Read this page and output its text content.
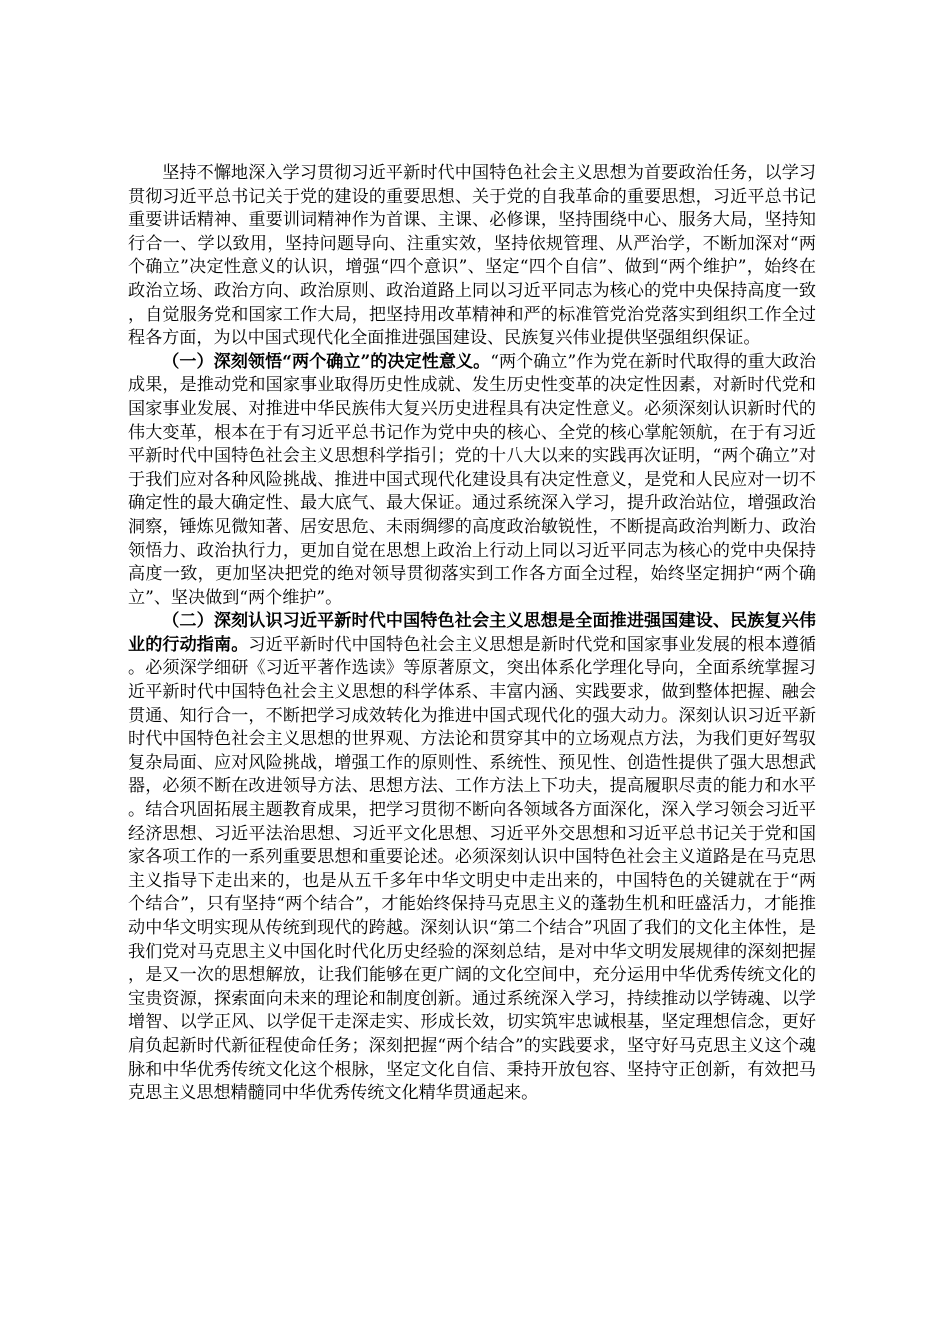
坚持不懈地深入学习贯彻习近平新时代中国特色社会主义思想为首要政治任务，以学习贯彻习近平总书记关于党的建设的重要思想、关于党的自我革命的重要思想，习近平总书记重要讲话精神、重要训词精神作为首课、主课、必修课，坚持围绕中心、服务大局，坚持知行合一、学以致用，坚持问题导向、注重实效，坚持依规管理、从严治学，不断加深对“两个确立”决定性意义的认识，增强“四个意识”、坚定“四个自信”、做到“两个维护”，始终在政治立场、政治方向、政治原则、政治道路上同以习近平同志为核心的党中央保持高度一致，自觉服务党和国家工作大局，把坚持用改革精神和严的标准管党治党落实到组织工作全过程各方面，为以中国式现代化全面推进强国建设、民族复兴伟业提供坚强组织保证。

（一）深刻领悟“两个确立”的决定性意义。“两个确立”作为党在新时代取得的重大政治成果，是推动党和国家事业取得历史性成就、发生历史性变革的决定性因素，对新时代党和国家事业发展、对推进中华民族伟大复兴历史进程具有决定性意义。必须深刻认识新时代的伟大变革，根本在于有习近平总书记作为党中央的核心、全党的核心掌舵领航，在于有习近平新时代中国特色社会主义思想科学指引；党的十八大以来的实践再次证明，“两个确立”对于我们应对各种风险挑战、推进中国式现代化建设具有决定性意义，是党和人民应对一切不确定性的最大确定性、最大底气、最大保证。通过系统深入学习，提升政治站位，增强政治洞察，锤炼见微知著、居安思危、未雨绸缪的高度政治敏锐性，不断提高政治判断力、政治领悟力、政治执行力，更加自觉在思想上政治上行动上同以习近平同志为核心的党中央保持高度一致，更加坚决把党的绝对领导贯彻落实到工作各方面全过程，始终坚定拥护“两个确立”、坚决做到“两个维护”。

（二）深刻认识习近平新时代中国特色社会主义思想是全面推进强国建设、民族复兴伟业的行动指南。习近平新时代中国特色社会主义思想是新时代党和国家事业发展的根本遵循。必须深学细研《习近平著作选读》等原著原文，突出体系化学理化导向，全面系统掌握习近平新时代中国特色社会主义思想的科学体系、丰富内涵、实践要求，做到整体把握、融会贯通、知行合一，不断把学习成效转化为推进中国式现代化的强大动力。深刻认识习近平新时代中国特色社会主义思想的世界观、方法论和贯穿其中的立场观点方法，为我们更好驾驭复杂局面、应对风险挑战，增强工作的原则性、系统性、预见性、创造性提供了强大思想武器，必须不断在改进领导方法、思想方法、工作方法上下功夫，提高履职尽责的能力和水平。结合巩固拓展主题教育成果，把学习贯彻不断向各领域各方面深化，深入学习领会习近平经济思想、习近平法治思想、习近平文化思想、习近平外交思想和习近平总书记关于党和国家各项工作的一系列重要思想和重要论述。必须深刻认识中国特色社会主义道路是在马克思主义指导下走出来的，也是从五千多年中华文明史中走出来的，中国特色的关键就在于“两个结合”，只有坚持“两个结合”，才能始终保持马克思主义的蓬勃生机和旺盛活力，才能推动中华文明实现从传统到现代的跨越。深刻认识“第二个结合”巩固了我们的文化主体性，是我们党对马克思主义中国化时代化历史经验的深刻总结，是对中华文明发展规律的深刻把握，是又一次的思想解放，让我们能够在更广阔的文化空间中，充分运用中华优秀传统文化的宝贵资源，探索面向未来的理论和制度创新。通过系统深入学习，持续推动以学铸魂、以学增智、以学正风、以学促干走深走实、形成长效，切实筑牢忠诚根基，坚定理想信念，更好肩负起新时代新征程使命任务；深刻把握“两个结合”的实践要求，坚守好马克思主义这个魂脉和中华优秀传统文化这个根脉，坚定文化自信、秉持开放包容、坚持守正创新，有效把马克思主义思想精髓同中华优秀传统文化精华贯通起来。
